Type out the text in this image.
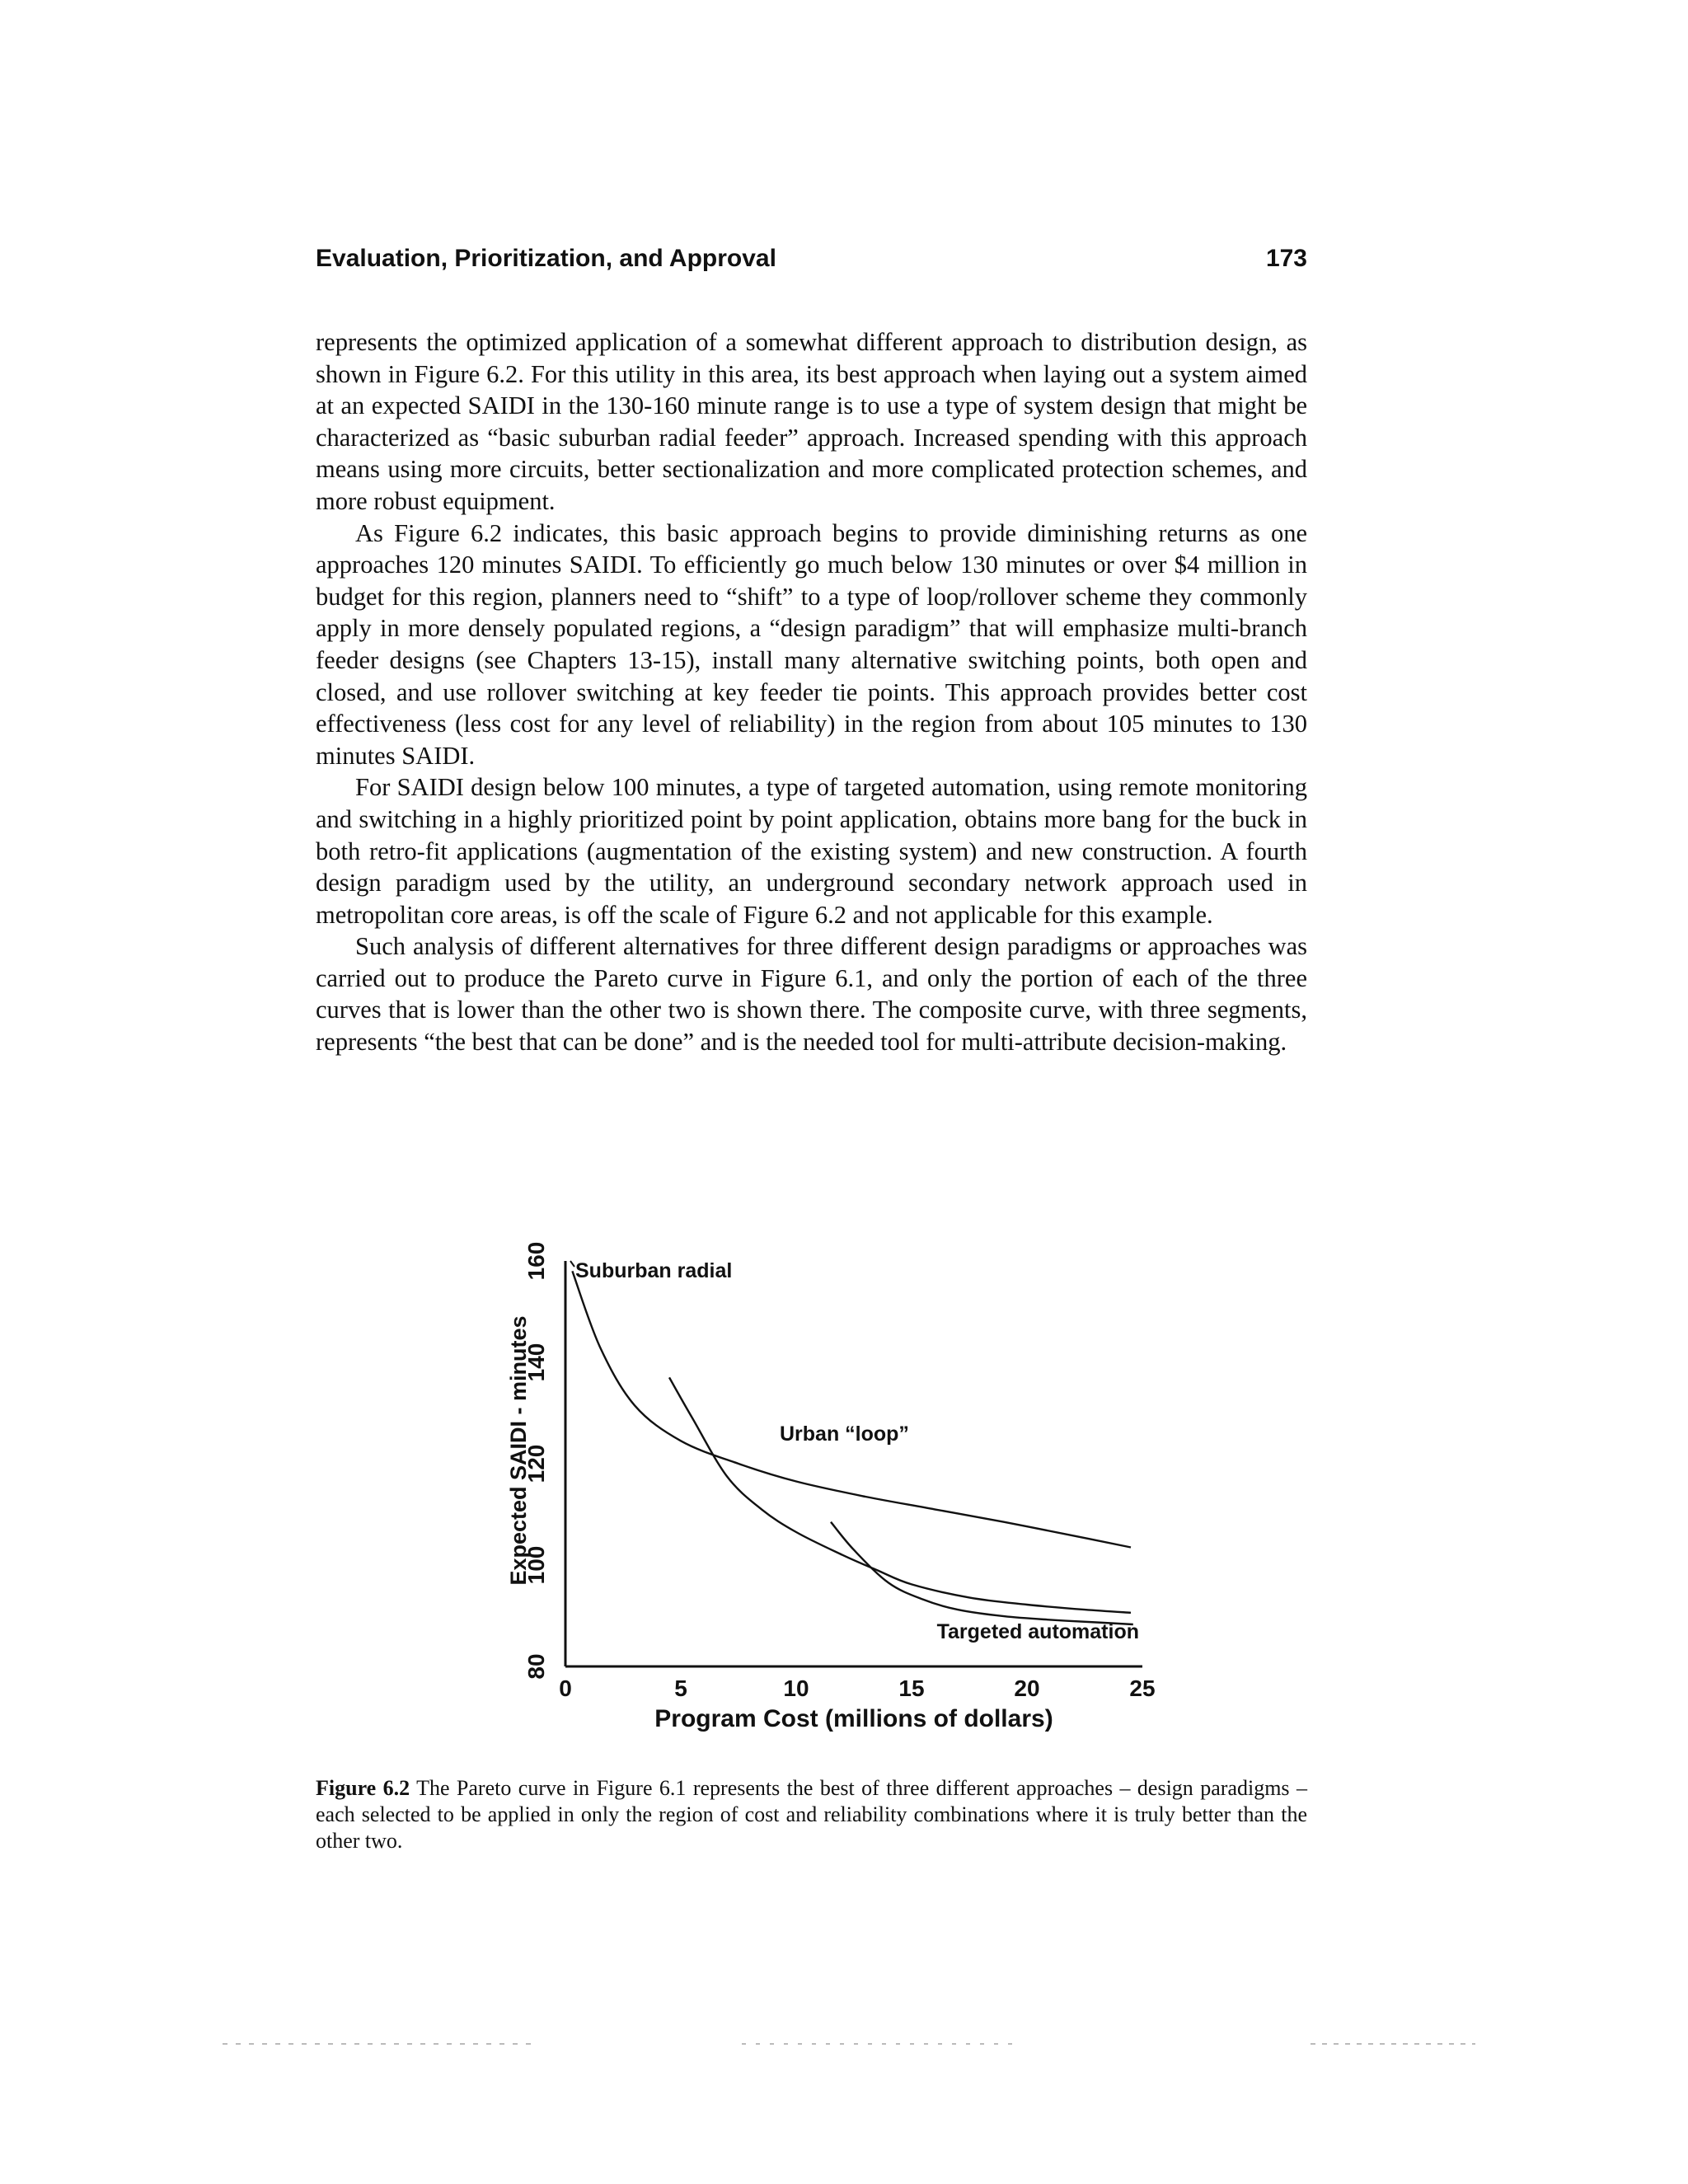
Evaluation, Prioritization, and Approval	173

represents the optimized application of a somewhat different approach to distribution design, as shown in Figure 6.2. For this utility in this area, its best approach when laying out a system aimed at an expected SAIDI in the 130-160 minute range is to use a type of system design that might be characterized as “basic suburban radial feeder” approach. Increased spending with this approach means using more circuits, better sectionalization and more complicated protection schemes, and more robust equipment.

As Figure 6.2 indicates, this basic approach begins to provide diminishing returns as one approaches 120 minutes SAIDI. To efficiently go much below 130 minutes or over $4 million in budget for this region, planners need to “shift” to a type of loop/rollover scheme they commonly apply in more densely populated regions, a “design paradigm” that will emphasize multi-branch feeder designs (see Chapters 13-15), install many alternative switching points, both open and closed, and use rollover switching at key feeder tie points. This approach provides better cost effectiveness (less cost for any level of reliability) in the region from about 105 minutes to 130 minutes SAIDI.

For SAIDI design below 100 minutes, a type of targeted automation, using remote monitoring and switching in a highly prioritized point by point application, obtains more bang for the buck in both retro-fit applications (augmentation of the existing system) and new construction. A fourth design paradigm used by the utility, an underground secondary network approach used in metropolitan core areas, is off the scale of Figure 6.2 and not applicable for this example.

Such analysis of different alternatives for three different design paradigms or approaches was carried out to produce the Pareto curve in Figure 6.1, and only the portion of each of the three curves that is lower than the other two is shown there. The composite curve, with three segments, represents “the best that can be done” and is the needed tool for multi-attribute decision-making.

Expected SAIDI - minutes
Program Cost (millions of dollars)
80
100
120
140
160
0	5	10	15	20	25
Suburban radial
Urban “loop”
Targeted automation
Figure 6.2 The Pareto curve in Figure 6.1 represents the best of three different approaches – design paradigms – each selected to be applied in only the region of cost and reliability combinations where it is truly better than the other two.
